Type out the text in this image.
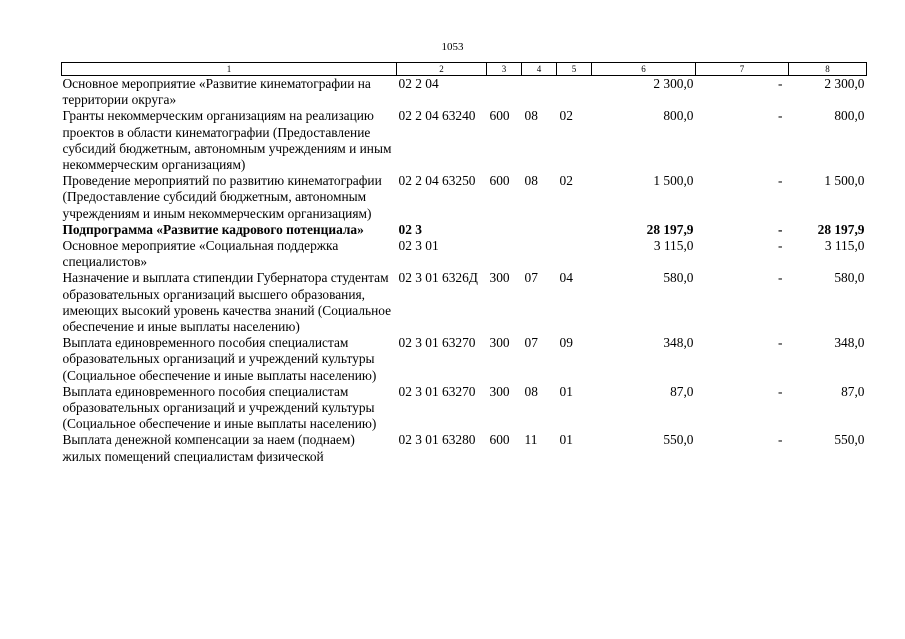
1053
1	2	3	4	5	6	7	8
Основное мероприятие «Развитие кинематографии на территории округа»	02 2 04				2 300,0	-	2 300,0
Гранты некоммерческим организациям на реализацию проектов в области кинематографии (Предоставление субсидий бюджетным, автономным учреждениям и иным некоммерческим организациям)	02 2 04 63240	600	08	02	800,0	-	800,0
Проведение мероприятий по развитию кинематографии (Предоставление субсидий бюджетным, автономным учреждениям и иным некоммерческим организациям)	02 2 04 63250	600	08	02	1 500,0	-	1 500,0
Подпрограмма «Развитие кадрового потенциала»	02 3				28 197,9	-	28 197,9
Основное мероприятие «Социальная поддержка специалистов»	02 3 01				3 115,0	-	3 115,0
Назначение и выплата стипендии Губернатора студентам образовательных организаций высшего образования, имеющих высокий уровень качества знаний (Социальное обеспечение и иные выплаты населению)	02 3 01 6326Д	300	07	04	580,0	-	580,0
Выплата единовременного пособия специалистам образовательных организаций и учреждений культуры (Социальное обеспечение и иные выплаты населению)	02 3 01 63270	300	07	09	348,0	-	348,0
Выплата единовременного пособия специалистам образовательных организаций и учреждений культуры (Социальное обеспечение и иные выплаты населению)	02 3 01 63270	300	08	01	87,0	-	87,0
Выплата денежной компенсации за наем (поднаем) жилых помещений специалистам физической	02 3 01 63280	600	11	01	550,0	-	550,0
